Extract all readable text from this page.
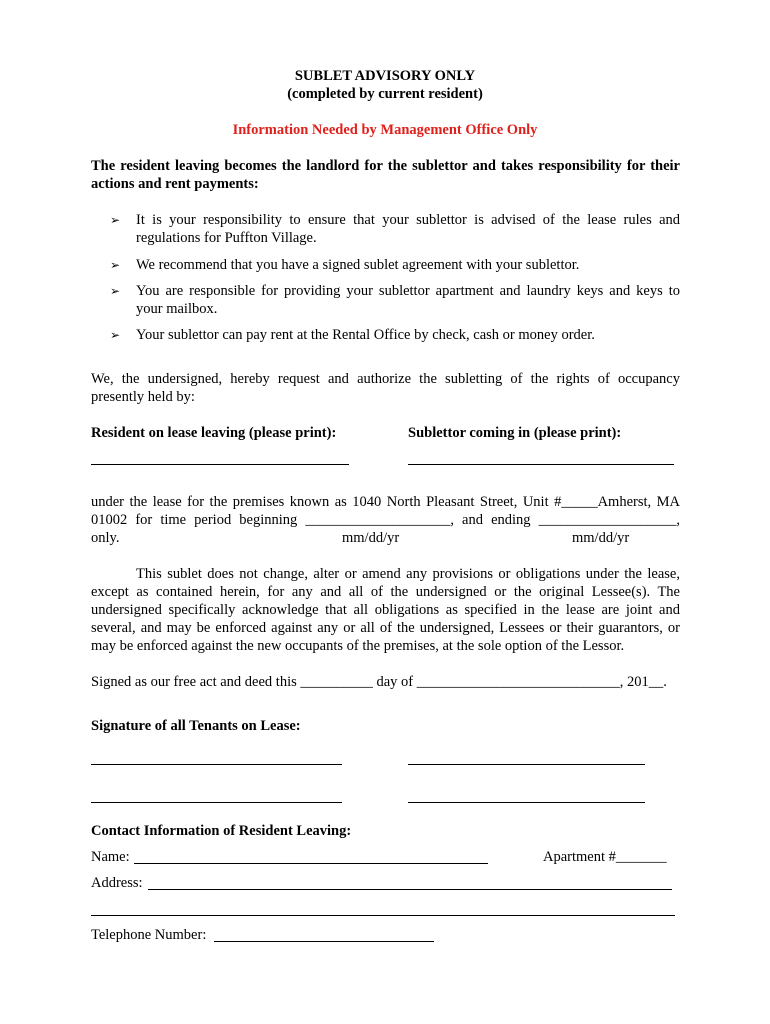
SUBLET ADVISORY ONLY
(completed by current resident)
Information Needed by Management Office Only
The resident leaving becomes the landlord for the sublettor and takes responsibility for their
actions and rent payments:
➢ It is your responsibility to ensure that your sublettor is advised of the lease rules and
regulations for Puffton Village.
➢ We recommend that you have a signed sublet agreement with your sublettor.
➢ You are responsible for providing your sublettor apartment and laundry keys and keys to
your mailbox.
➢ Your sublettor can pay rent at the Rental Office by check, cash or money order.
We, the undersigned, hereby request and authorize the subletting of the rights of occupancy
presently held by:
Resident on lease leaving (please print):	Sublettor coming in (please print):
under the lease for the premises known as 1040 North Pleasant Street, Unit #_____Amherst, MA
01002 for time period beginning ____________________, and ending ___________________,
only.	mm/dd/yr	mm/dd/yr
This sublet does not change, alter or amend any provisions or obligations under the lease,
except as contained herein, for any and all of the undersigned or the original Lessee(s). The
undersigned specifically acknowledge that all obligations as specified in the lease are joint and
several, and may be enforced against any or all of the undersigned, Lessees or their guarantors, or
may be enforced against the new occupants of the premises, at the sole option of the Lessor.
Signed as our free act and deed this __________ day of ____________________________, 201__.
Signature of all Tenants on Lease:
Contact Information of Resident Leaving:
Name:	Apartment #_______
Address:
Telephone Number:
